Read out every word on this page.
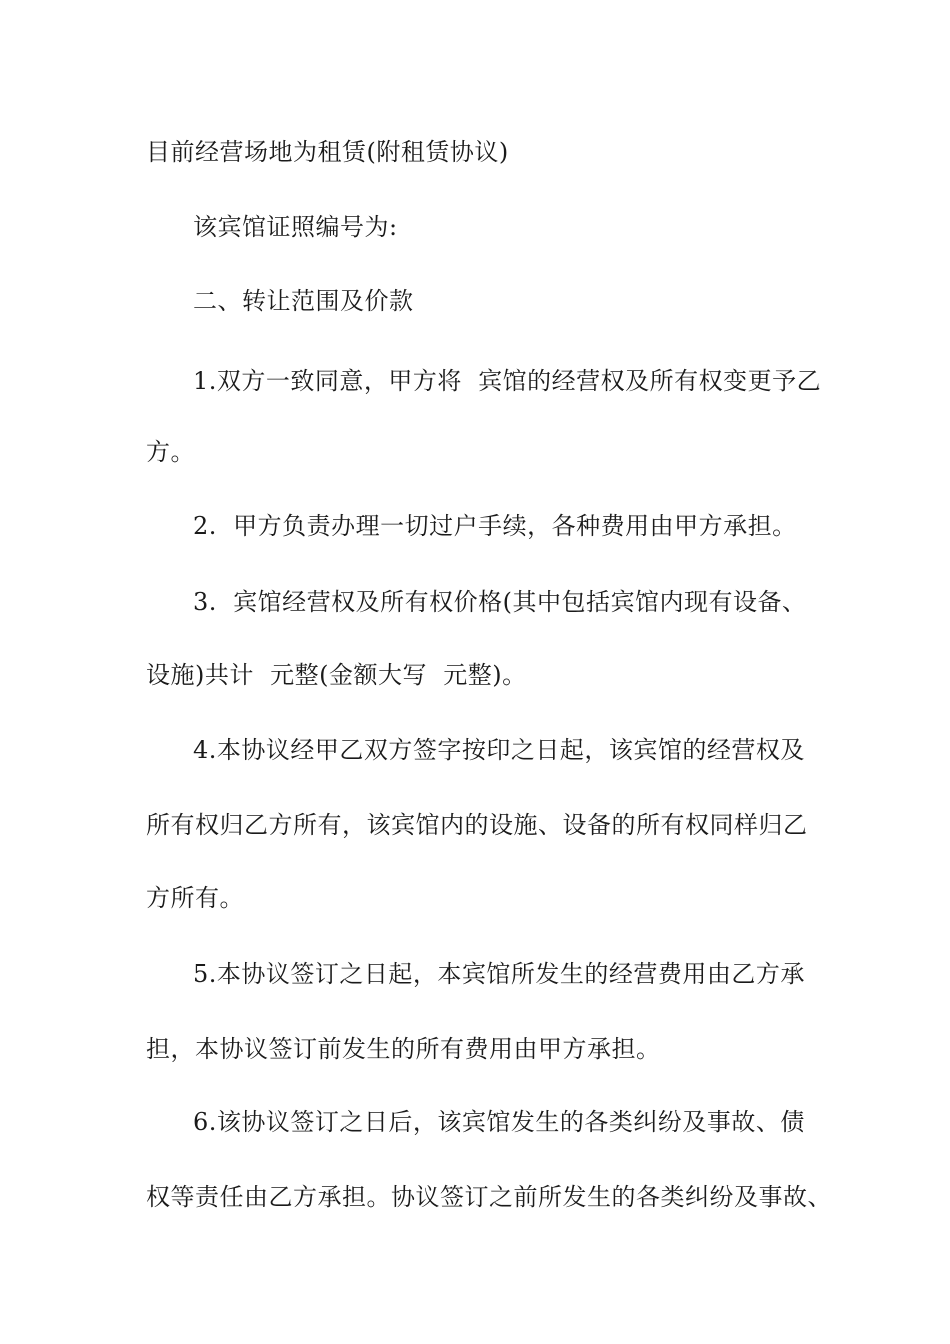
目前经营场地为租赁(附租赁协议)
该宾馆证照编号为:
二、转让范围及价款
1.双方一致同意，甲方将  宾馆的经营权及所有权变更予乙
方。
2.  甲方负责办理一切过户手续，各种费用由甲方承担。
3.  宾馆经营权及所有权价格(其中包括宾馆内现有设备、
设施)共计  元整(金额大写  元整)。
4.本协议经甲乙双方签字按印之日起，该宾馆的经营权及
所有权归乙方所有，该宾馆内的设施、设备的所有权同样归乙
方所有。
5.本协议签订之日起，本宾馆所发生的经营费用由乙方承
担，本协议签订前发生的所有费用由甲方承担。
6.该协议签订之日后，该宾馆发生的各类纠纷及事故、债
权等责任由乙方承担。协议签订之前所发生的各类纠纷及事故、
